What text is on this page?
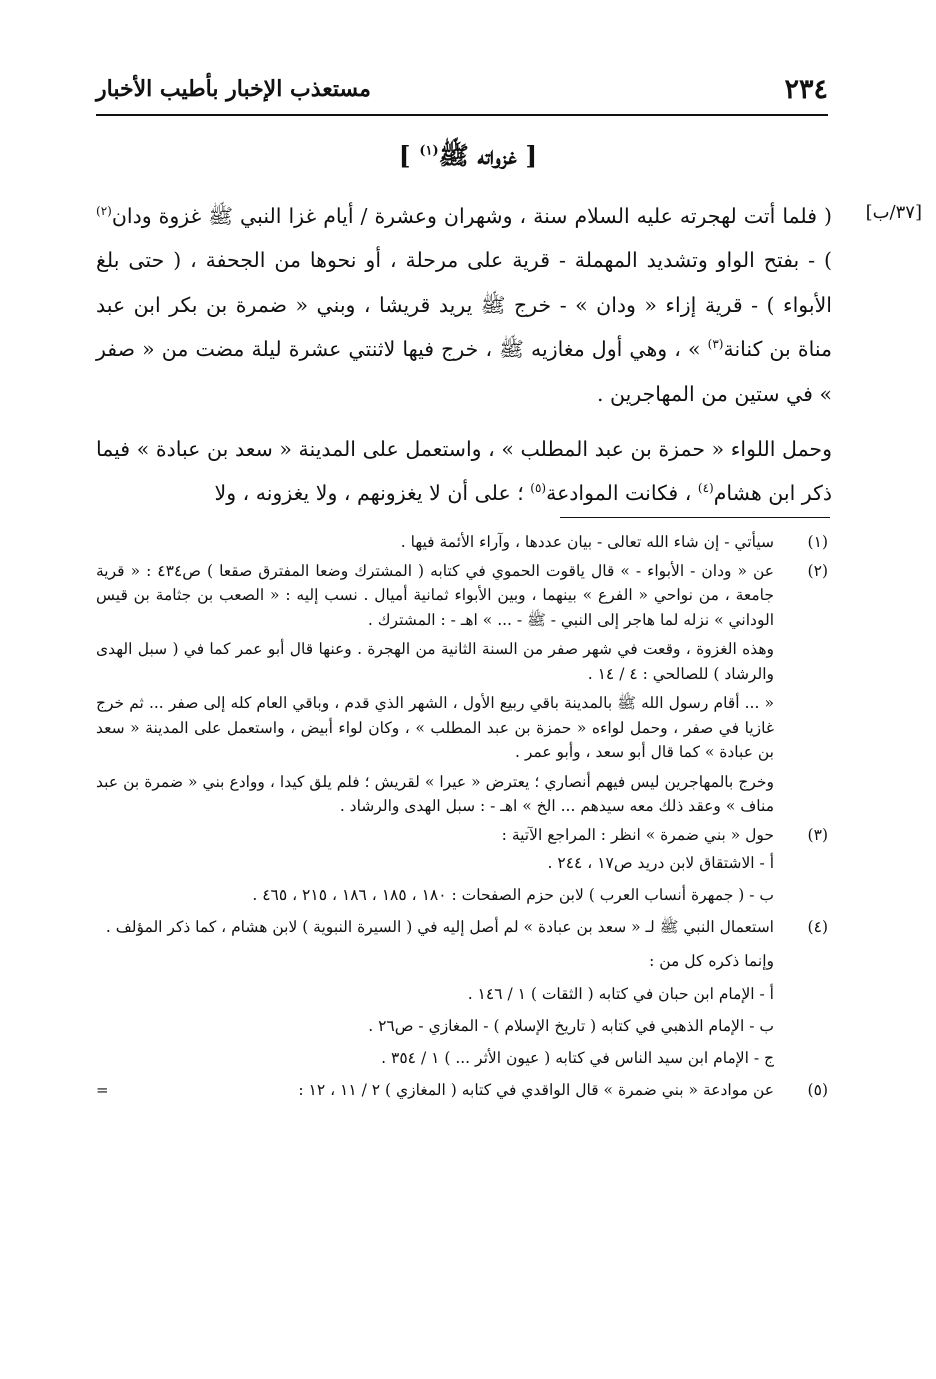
٢٣٤
مستعذب الإخبار بأطيب الأخبار
[ غزواته ﷺ$^{(١)}$ ]
[٣٧/ب]

( فلما أتت لهجرته عليه السلام سنة ، وشهران وعشرة / أيام غزا النبي ﷺ غزوة ودان$^{(٢)}$ ) - بفتح الواو وتشديد المهملة - قرية على مرحلة ، أو نحوها من الجحفة ، ( حتى بلغ الأبواء ) - قرية إزاء « ودان » - خرج ﷺ يريد قريشا ، وبني « ضمرة بن بكر ابن عبد مناة بن كنانة$^{(٣)}$ » ، وهي أول مغازيه ﷺ ، خرج فيها لاثنتي عشرة ليلة مضت من « صفر » في ستين من المهاجرين .

وحمل اللواء « حمزة بن عبد المطلب » ، واستعمل على المدينة « سعد بن عبادة » فيما ذكر ابن هشام$^{(٤)}$ ، فكانت الموادعة$^{(٥)}$ ؛ على أن لا يغزونهم ، ولا يغزونه ، ولا

(١)

سيأتي - إن شاء الله تعالى - بيان عددها ، وآراء الأئمة فيها .

(٢)

عن « ودان - الأبواء - » قال ياقوت الحموي في كتابه ( المشترك وضعا المفترق صقعا ) ص٤٣٤ : « قرية جامعة ، من نواحي « الفرع » بينهما ، وبين الأبواء ثمانية أميال . نسب إليه : « الصعب بن جثامة بن قيس الوداني » نزله لما هاجر إلى النبي - ﷺ - ... » اهـ - : المشترك .

وهذه الغزوة ، وقعت في شهر صفر من السنة الثانية من الهجرة . وعنها قال أبو عمر كما في ( سبل الهدى والرشاد ) للصالحي : ٤ / ١٤ .

« ... أقام رسول الله ﷺ بالمدينة باقي ربيع الأول ، الشهر الذي قدم ، وباقي العام كله إلى صفر ... ثم خرج غازيا في صفر ، وحمل لواءه « حمزة بن عبد المطلب » ، وكان لواء أبيض ، واستعمل على المدينة « سعد بن عبادة » كما قال أبو سعد ، وأبو عمر .

وخرج بالمهاجرين ليس فيهم أنصاري ؛ يعترض « عيرا » لقريش ؛ فلم يلق كيدا ، ووادع بني « ضمرة بن عبد مناف » وعقد ذلك معه سيدهم ... الخ » اهـ - : سبل الهدى والرشاد .

(٣)

حول « بني ضمرة » انظر : المراجع الآتية :

أ - الاشتقاق لابن دريد ص١٧ ، ٢٤٤ .
ب - ( جمهرة أنساب العرب ) لابن حزم الصفحات : ١٨٠ ، ١٨٥ ، ١٨٦ ، ٢١٥ ، ٤٦٥ .
(٤)

استعمال النبي ﷺ لـ « سعد بن عبادة » لم أصل إليه في ( السيرة النبوية ) لابن هشام ، كما ذكر المؤلف .

وإنما ذكره كل من :

أ - الإمام ابن حبان في كتابه ( الثقات ) ١ / ١٤٦ .
ب - الإمام الذهبي في كتابه ( تاريخ الإسلام ) - المغازي - ص٢٦ .
ج - الإمام ابن سيد الناس في كتابه ( عيون الأثر ... ) ١ / ٣٥٤ .
(٥)

عن موادعة « بني ضمرة » قال الواقدي في كتابه ( المغازي ) ٢ / ١١ ، ١٢ :

=
